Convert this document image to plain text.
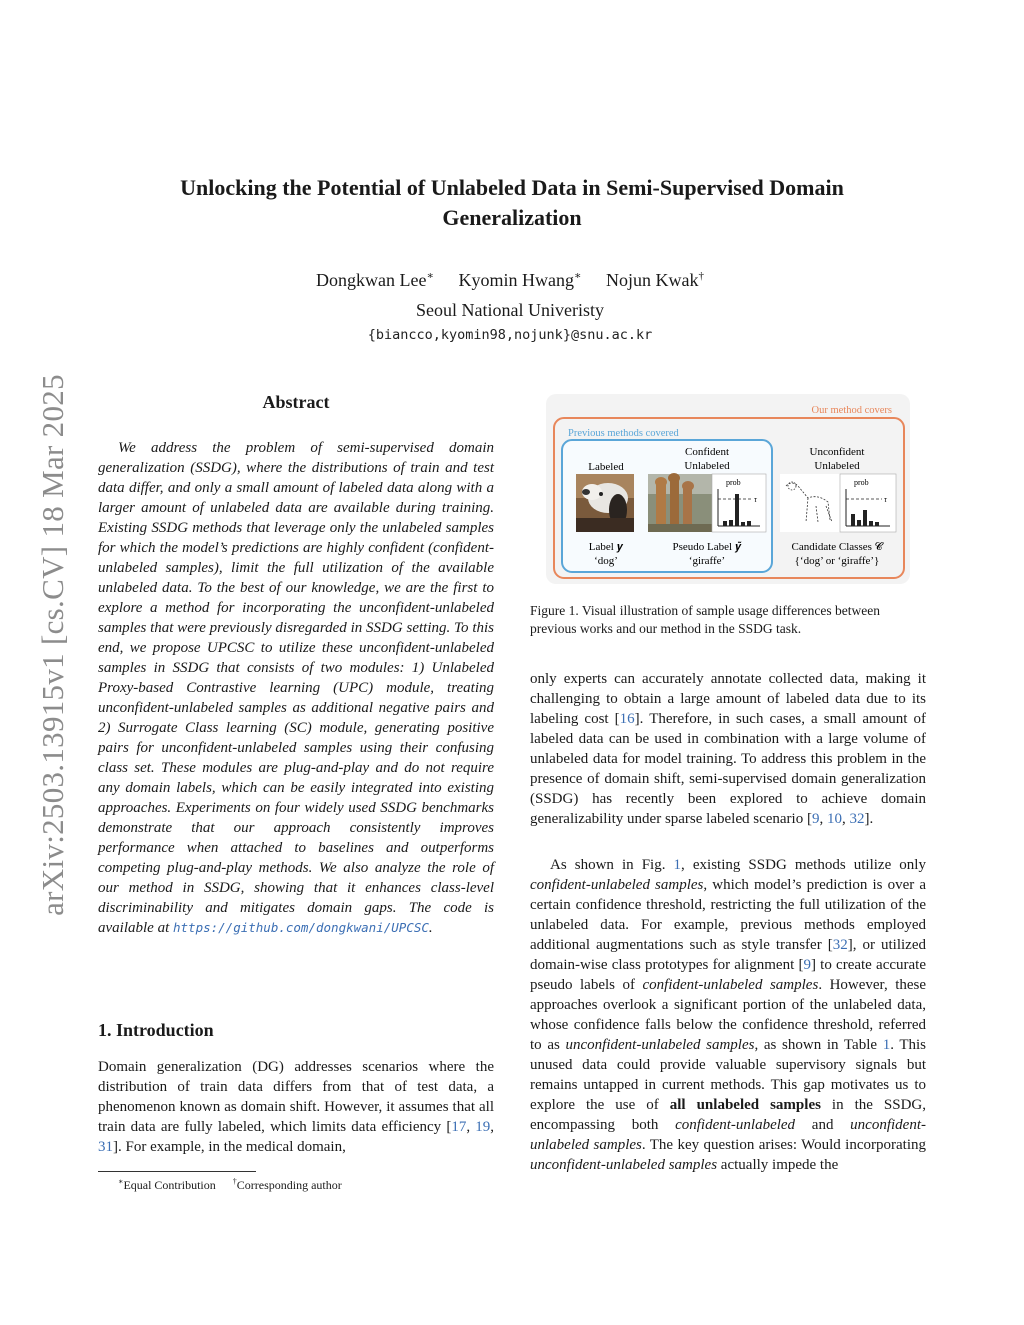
arXiv:2503.13915v1 [cs.CV] 18 Mar 2025
Unlocking the Potential of Unlabeled Data in Semi-Supervised Domain Generalization
Dongkwan Lee∗ Kyomin Hwang∗ Nojun Kwak†
Seoul National Univeristy
{biancco,kyomin98,nojunk}@snu.ac.kr
Abstract
We address the problem of semi-supervised domain generalization (SSDG), where the distributions of train and test data differ, and only a small amount of labeled data along with a larger amount of unlabeled data are available during training. Existing SSDG methods that leverage only the unlabeled samples for which the model’s predictions are highly confident (confident-unlabeled samples), limit the full utilization of the available unlabeled data. To the best of our knowledge, we are the first to explore a method for incorporating the unconfident-unlabeled samples that were previously disregarded in SSDG setting. To this end, we propose UPCSC to utilize these unconfident-unlabeled samples in SSDG that consists of two modules: 1) Unlabeled Proxy-based Contrastive learning (UPC) module, treating unconfident-unlabeled samples as additional negative pairs and 2) Surrogate Class learning (SC) module, generating positive pairs for unconfident-unlabeled samples using their confusing class set. These modules are plug-and-play and do not require any domain labels, which can be easily integrated into existing approaches. Experiments on four widely used SSDG benchmarks demonstrate that our approach consistently improves performance when attached to baselines and outperforms competing plug-and-play methods. We also analyze the role of our method in SSDG, showing that it enhances class-level discriminability and mitigates domain gaps. The code is available at https://github.com/dongkwani/UPCSC.
1. Introduction
Domain generalization (DG) addresses scenarios where the distribution of train data differs from that of test data, a phenomenon known as domain shift. However, it assumes that all train data are fully labeled, which limits data efficiency [17, 19, 31]. For example, in the medical domain,
∗Equal Contribution †Corresponding author
Our method covers
Previous methods covered
Labeled
Confident
Unlabeled
Unconfident
Unlabeled
prob
τ
prob
τ
Label 𝒚
‘dog’
Pseudo Label 𝒚̃
‘giraffe’
Candidate Classes 𝓒
{‘dog’ or ‘giraffe’}
Figure 1. Visual illustration of sample usage differences between previous works and our method in the SSDG task.
only experts can accurately annotate collected data, making it challenging to obtain a large amount of labeled data due to its labeling cost [16]. Therefore, in such cases, a small amount of labeled data can be used in combination with a large volume of unlabeled data for model training. To address this problem in the presence of domain shift, semi-supervised domain generalization (SSDG) has recently been explored to achieve domain generalizability under sparse labeled scenario [9, 10, 32].
As shown in Fig. 1, existing SSDG methods utilize only confident-unlabeled samples, which model’s prediction is over a certain confidence threshold, restricting the full utilization of the unlabeled data. For example, previous methods employed additional augmentations such as style transfer [32], or utilized domain-wise class prototypes for alignment [9] to create accurate pseudo labels of confident-unlabeled samples. However, these approaches overlook a significant portion of the unlabeled data, whose confidence falls below the confidence threshold, referred to as unconfident-unlabeled samples, as shown in Table 1. This unused data could provide valuable supervisory signals but remains untapped in current methods. This gap motivates us to explore the use of all unlabeled samples in the SSDG, encompassing both confident-unlabeled and unconfident-unlabeled samples. The key question arises: Would incorporating unconfident-unlabeled samples actually impede the
